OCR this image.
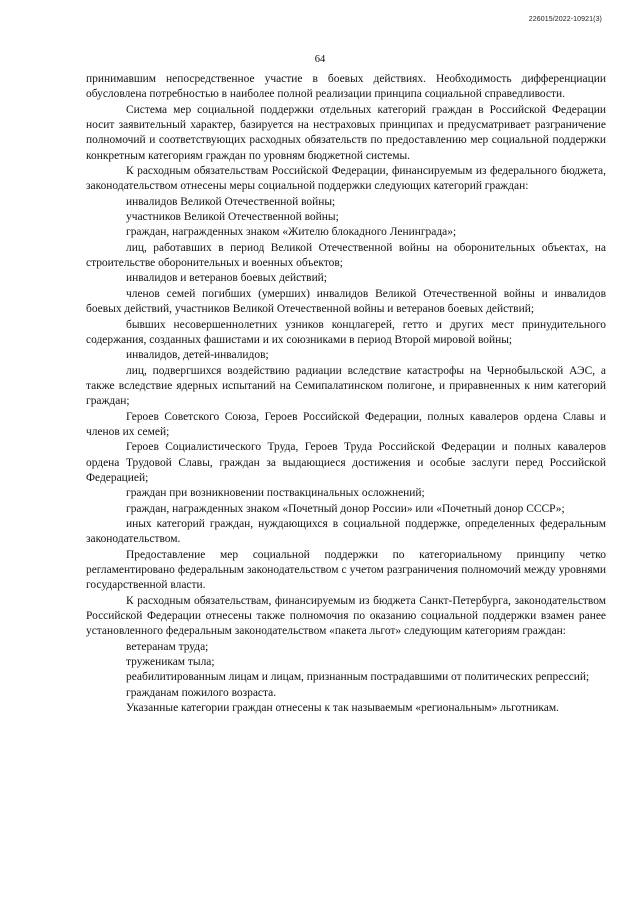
226015/2022-10921(3)
64

принимавшим непосредственное участие в боевых действиях. Необходимость дифференциации обусловлена потребностью в наиболее полной реализации принципа социальной справедливости.

Система мер социальной поддержки отдельных категорий граждан в Российской Федерации носит заявительный характер, базируется на нестраховых принципах и предусматривает разграничение полномочий и соответствующих расходных обязательств по предоставлению мер социальной поддержки конкретным категориям граждан по уровням бюджетной системы.

К расходным обязательствам Российской Федерации, финансируемым из федерального бюджета, законодательством отнесены меры социальной поддержки следующих категорий граждан:

инвалидов Великой Отечественной войны;

участников Великой Отечественной войны;

граждан, награжденных знаком «Жителю блокадного Ленинграда»;

лиц, работавших в период Великой Отечественной войны на оборонительных объектах, на строительстве оборонительных и военных объектов;

инвалидов и ветеранов боевых действий;

членов семей погибших (умерших) инвалидов Великой Отечественной войны и инвалидов боевых действий, участников Великой Отечественной войны и ветеранов боевых действий;

бывших несовершеннолетних узников концлагерей, гетто и других мест принудительного содержания, созданных фашистами и их союзниками в период Второй мировой войны;

инвалидов, детей-инвалидов;

лиц, подвергшихся воздействию радиации вследствие катастрофы на Чернобыльской АЭС, а также вследствие ядерных испытаний на Семипалатинском полигоне, и приравненных к ним категорий граждан;

Героев Советского Союза, Героев Российской Федерации, полных кавалеров ордена Славы и членов их семей;

Героев Социалистического Труда, Героев Труда Российской Федерации и полных кавалеров ордена Трудовой Славы, граждан за выдающиеся достижения и особые заслуги перед Российской Федерацией;

граждан при возникновении поствакцинальных осложнений;

граждан, награжденных знаком «Почетный донор России» или «Почетный донор СССР»;

иных категорий граждан, нуждающихся в социальной поддержке, определенных федеральным законодательством.

Предоставление мер социальной поддержки по категориальному принципу четко регламентировано федеральным законодательством с учетом разграничения полномочий между уровнями государственной власти.

К расходным обязательствам, финансируемым из бюджета Санкт-Петербурга, законодательством Российской Федерации отнесены также полномочия по оказанию социальной поддержки взамен ранее установленного федеральным законодательством «пакета льгот» следующим категориям граждан:

ветеранам труда;

труженикам тыла;

реабилитированным лицам и лицам, признанным пострадавшими от политических репрессий;

гражданам пожилого возраста.

Указанные категории граждан отнесены к так называемым «региональным» льготникам.
